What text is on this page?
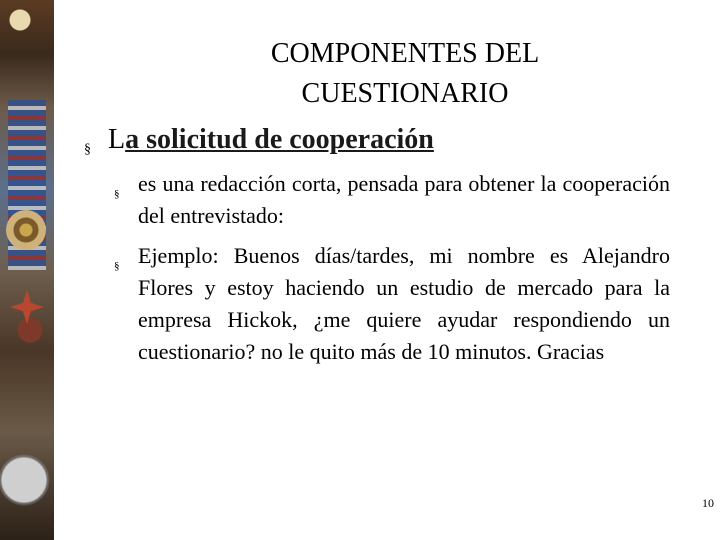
COMPONENTES DEL
CUESTIONARIO
§ La solicitud de cooperación
§ es una redacción corta, pensada para obtener la cooperación del entrevistado:
§ Ejemplo: Buenos días/tardes, mi nombre es Alejandro Flores y estoy haciendo un estudio de mercado para la empresa Hickok, ¿me quiere ayudar respondiendo un cuestionario? no le quito más de 10 minutos. Gracias
10
